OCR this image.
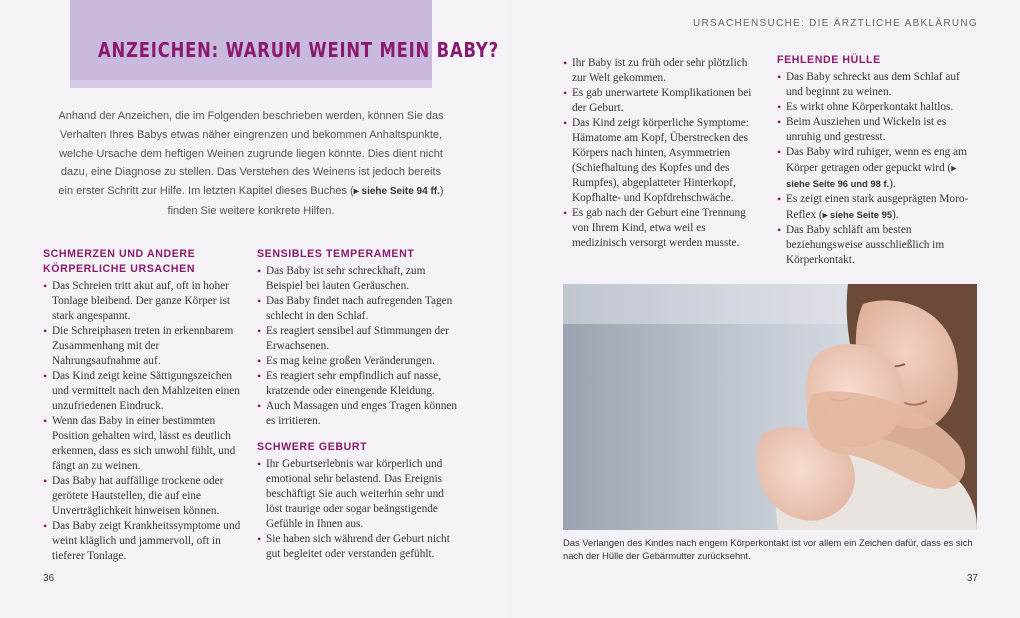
ANZEICHEN: WARUM WEINT MEIN BABY?

Anhand der Anzeichen, die im Folgenden beschrieben werden, können Sie das Verhalten Ihres Babys etwas näher eingrenzen und bekommen Anhaltspunkte, welche Ursache dem heftigen Weinen zugrunde liegen könnte. Dies dient nicht dazu, eine Diagnose zu stellen. Das Verstehen des Weinens ist jedoch bereits ein erster Schritt zur Hilfe. Im letzten Kapitel dieses Buches (▸ siehe Seite 94 ff.) finden Sie weitere konkrete Hilfen.

SCHMERZEN UND ANDERE
KÖRPERLICHE URSACHEN
• Das Schreien tritt akut auf, oft in hoher Tonlage bleibend. Der ganze Körper ist stark angespannt.
• Die Schreiphasen treten in erkennbarem Zusammenhang mit der Nahrungsaufnahme auf.
• Das Kind zeigt keine Sättigungszeichen und vermittelt nach den Mahlzeiten einen unzufriedenen Eindruck.
• Wenn das Baby in einer bestimmten Position gehalten wird, lässt es deutlich erkennen, dass es sich unwohl fühlt, und fängt an zu weinen.
• Das Baby hat auffällige trockene oder gerötete Hautstellen, die auf eine Unverträglichkeit hinweisen können.
• Das Baby zeigt Krankheitssymptome und weint kläglich und jammervoll, oft in tieferer Tonlage.
SENSIBLES TEMPERAMENT
• Das Baby ist sehr schreckhaft, zum Beispiel bei lauten Geräuschen.
• Das Baby findet nach aufregenden Tagen schlecht in den Schlaf.
• Es reagiert sensibel auf Stimmungen der Erwachsenen.
• Es mag keine großen Veränderungen.
• Es reagiert sehr empfindlich auf nasse, kratzende oder einengende Kleidung.
• Auch Massagen und enges Tragen können es irritieren.
SCHWERE GEBURT
• Ihr Geburtserlebnis war körperlich und emotional sehr belastend. Das Ereignis beschäftigt Sie auch weiterhin sehr und löst traurige oder sogar beängstigende Gefühle in Ihnen aus.
• Sie haben sich während der Geburt nicht gut begleitet oder verstanden gefühlt.
36
URSACHENSUCHE: DIE ÄRZTLICHE ABKLÄRUNG
37
• Ihr Baby ist zu früh oder sehr plötzlich zur Welt gekommen.
• Es gab unerwartete Komplikationen bei der Geburt.
• Das Kind zeigt körperliche Symptome: Hämatome am Kopf, Überstrecken des Körpers nach hinten, Asymmetrien (Schiefhaltung des Kopfes und des Rumpfes), abgeplatteter Hinterkopf, Kopfhalte- und Kopfdrehschwäche.
• Es gab nach der Geburt eine Trennung von Ihrem Kind, etwa weil es medizinisch versorgt werden musste.
FEHLENDE HÜLLE
• Das Baby schreckt aus dem Schlaf auf und beginnt zu weinen.
• Es wirkt ohne Körperkontakt haltlos.
• Beim Ausziehen und Wickeln ist es unruhig und gestresst.
• Das Baby wird ruhiger, wenn es eng am Körper getragen oder gepuckt wird (▸ siehe Seite 96 und 98 f.).
• Es zeigt einen stark ausgeprägten Moro-Reflex (▸ siehe Seite 95).
• Das Baby schläft am besten beziehungsweise ausschließlich im Körperkontakt.
Das Verlangen des Kindes nach engem Körperkontakt ist vor allem ein Zeichen dafür, dass es sich nach der Hülle der Gebärmutter zurücksehnt.
